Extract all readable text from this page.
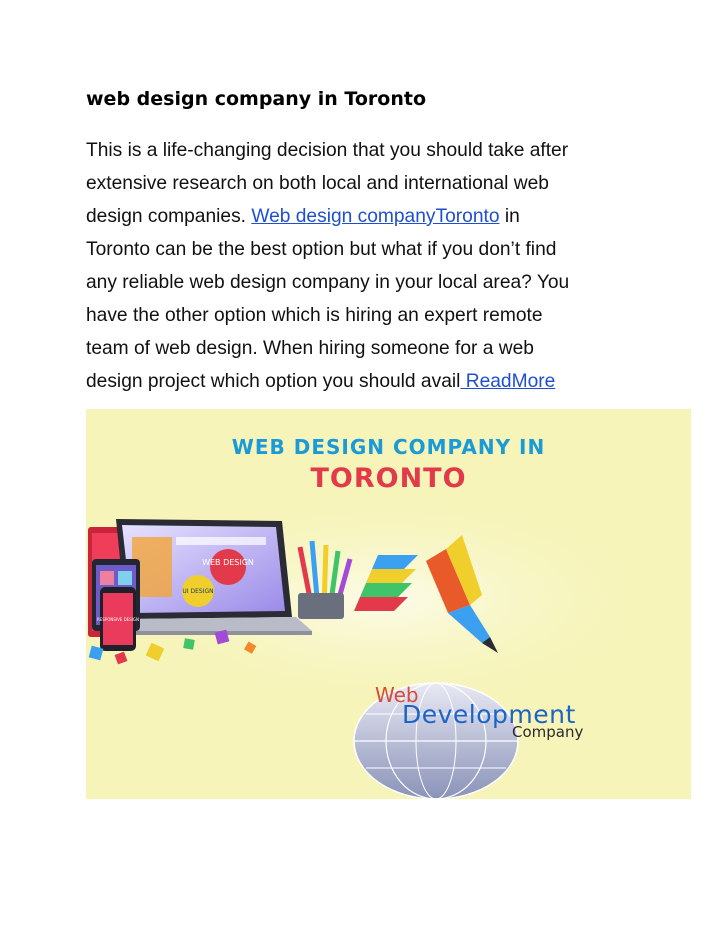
web design company in Toronto
This is a life-changing decision that you should take after
extensive research on both local and international web
design companies. Web design companyToronto in
Toronto can be the best option but what if you don’t find
any reliable web design company in your local area? You
have the other option which is hiring an expert remote
team of web design. When hiring someone for a web
design project which option you should avail ReadMore
WEB DESIGN
UI DESIGN
RESPONSIVE DESIGN
WEB DESIGN COMPANY IN
TORONTO
Web
Development
Company
